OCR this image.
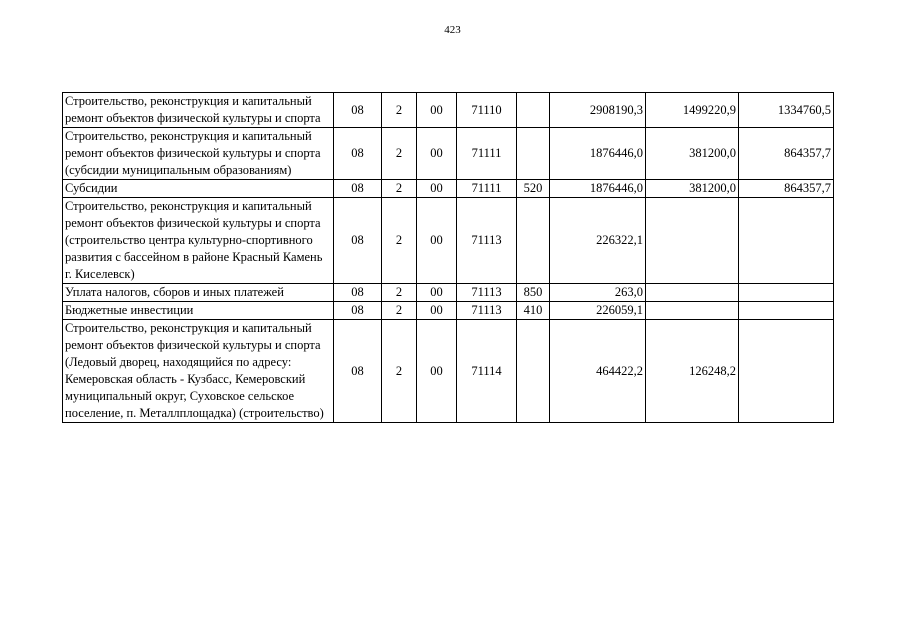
423
Строительство, реконструкция и капитальный ремонт объектов физической культуры и спорта	08	2	00	71110		2908190,3	1499220,9	1334760,5
Строительство, реконструкция и капитальный ремонт объектов физической культуры и спорта (субсидии муниципальным образованиям)	08	2	00	71111		1876446,0	381200,0	864357,7
Субсидии	08	2	00	71111	520	1876446,0	381200,0	864357,7
Строительство, реконструкция и капитальный ремонт объектов физической культуры и спорта (строительство центра культурно-спортивного развития с бассейном в районе Красный Камень г. Киселевск)	08	2	00	71113		226322,1		
Уплата налогов, сборов и иных платежей	08	2	00	71113	850	263,0		
Бюджетные инвестиции	08	2	00	71113	410	226059,1		
Строительство, реконструкция и капитальный ремонт объектов физической культуры и спорта (Ледовый дворец, находящийся по адресу: Кемеровская область - Кузбасс, Кемеровский муниципальный округ, Суховское сельское поселение, п. Металлплощадка) (строительство)	08	2	00	71114		464422,2	126248,2	
